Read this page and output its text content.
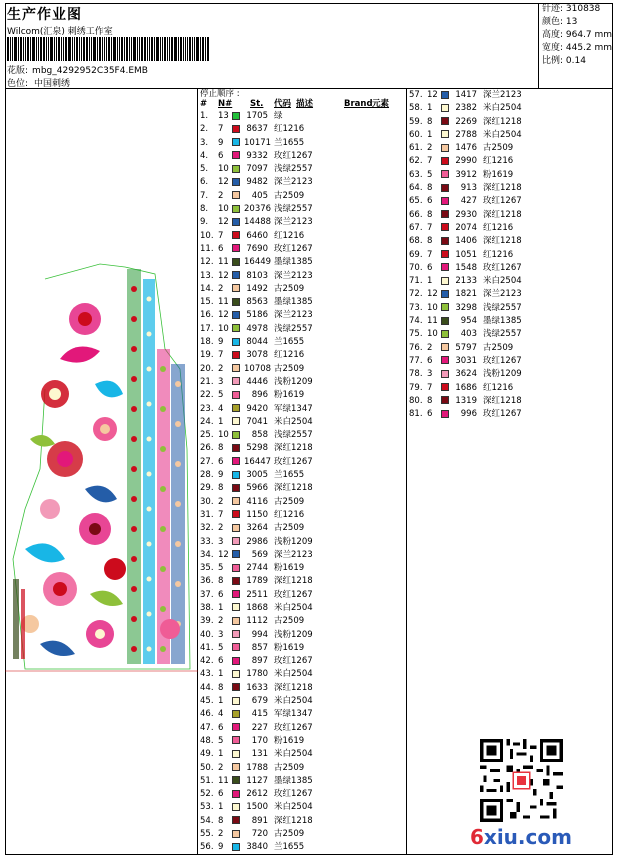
生产作业图
Wilcom(汇泉) 刺绣工作室
花版: mbg_4292952C35F4.EMB
色位: 中国刺绣
针迹: 310838
颜色: 13
高度: 964.7 mm
宽度: 445.2 mm
比例: 0.14
停止顺序 :
#	N#	St.	代码 描述	Brand 元素
1.	13	1705 绿
2.	7	8637 红1216
3.	9	10171 兰1655
4.	6	9332 玫红1267
5.	10	7097 浅绿2557
6.	12	9482 深兰2123
7.	2	405 古2509
8.	10	20376 浅绿2557
9.	12	14488 深兰2123
10. 7	6460 红1216
11. 6	7690 玫红1267
12. 11	16449 墨绿1385
13. 12	8103 深兰2123
14. 2	1492 古2509
15. 11	8563 墨绿1385
16. 12	5186 深兰2123
17. 10	4978 浅绿2557
18. 9	8044 兰1655
19. 7	3078 红1216
20. 2	10708 古2509
21. 3	4446 浅粉1209
22. 5	896 粉1619
23. 4	9420 军绿1347
24. 1	7041 米白2504
25. 10	858 浅绿2557
26. 8	5298 深红1218
27. 6	16447 玫红1267
28. 9	3005 兰1655
29. 8	5966 深红1218
30. 2	4116 古2509
31. 7	1150 红1216
32. 2	3264 古2509
33. 3	2986 浅粉1209
34. 12	569 深兰2123
35. 5	2744 粉1619
36. 8	1789 深红1218
37. 6	2511 玫红1267
38. 1	1868 米白2504
39. 2	1112 古2509
40. 3	994 浅粉1209
41. 5	857 粉1619
42. 6	897 玫红1267
43. 1	1780 米白2504
44. 8	1633 深红1218
45. 1	679 米白2504
46. 4	415 军绿1347
47. 6	227 玫红1267
48. 5	170 粉1619
49. 1	131 米白2504
50. 2	1788 古2509
51. 11	1127 墨绿1385
52. 6	2612 玫红1267
53. 1	1500 米白2504
54. 8	891 深红1218
55. 2	720 古2509
56. 9	3840 兰1655
57. 12	1417 深兰2123
58. 1	2382 米白2504
59. 8	2269 深红1218
60. 1	2788 米白2504
61. 2	1476 古2509
62. 7	2990 红1216
63. 5	3912 粉1619
64. 8	913 深红1218
65. 6	427 玫红1267
66. 8	2930 深红1218
67. 7	2074 红1216
68. 8	1406 深红1218
69. 7	1051 红1216
70. 6	1548 玫红1267
71. 1	2133 米白2504
72. 12	1821 深兰2123
73. 10	3298 浅绿2557
74. 11	954 墨绿1385
75. 10	403 浅绿2557
76. 2	5797 古2509
77. 6	3031 玫红1267
78. 3	3624 浅粉1209
79. 7	1686 红1216
80. 8	1319 深红1218
81. 6	996 玫红1267
6xiu.com
